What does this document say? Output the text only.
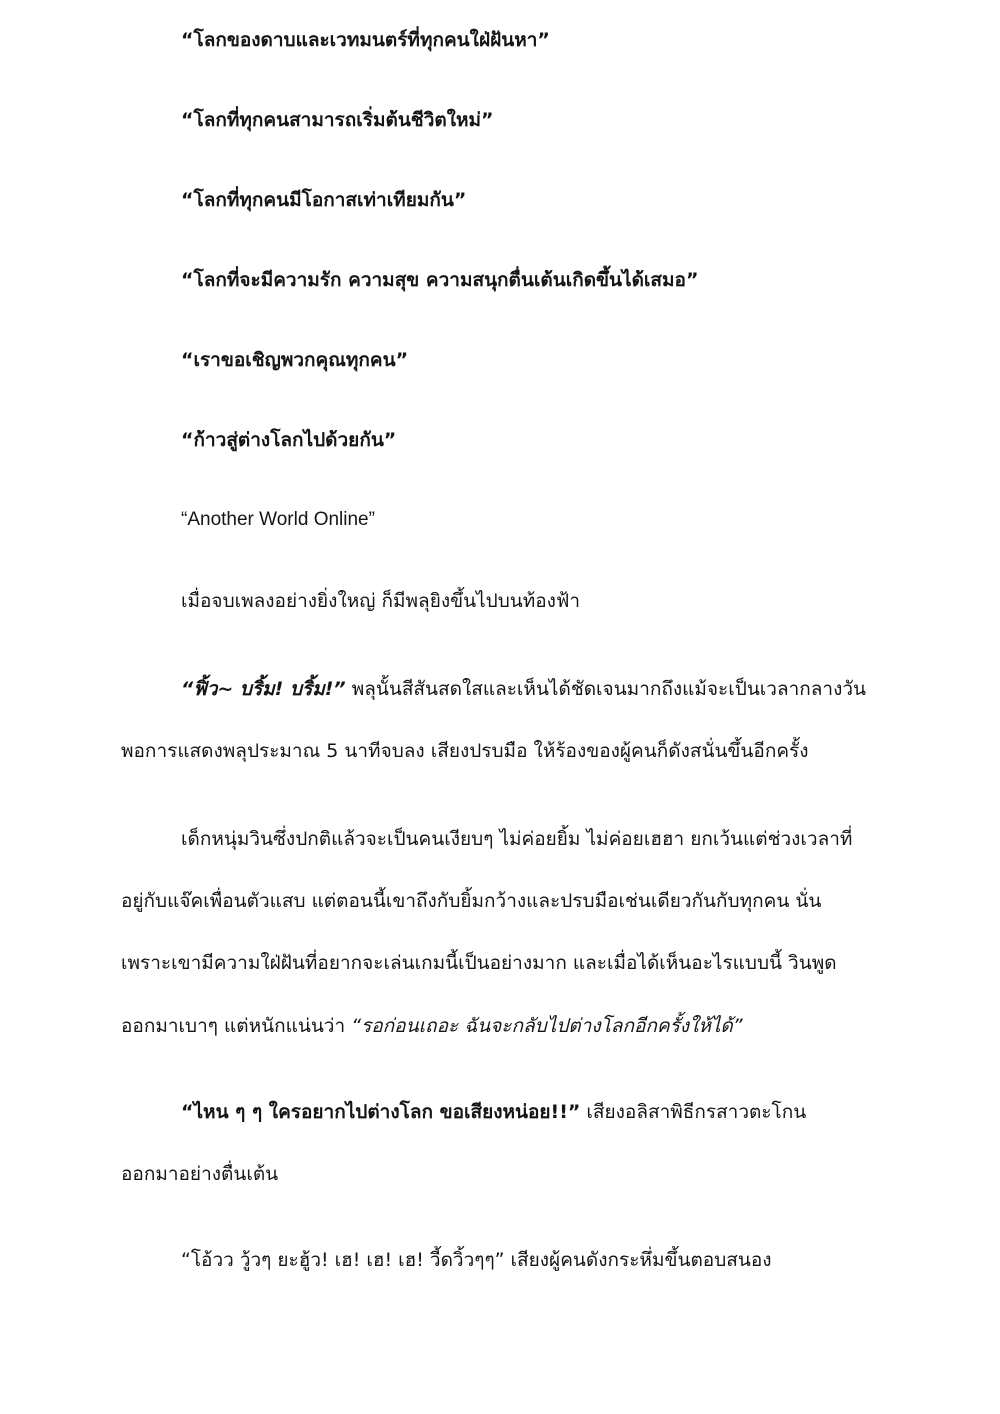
“โลกของดาบและเวทมนตร์ที่ทุกคนใฝ่ฝันหา”
“โลกที่ทุกคนสามารถเริ่มต้นชีวิตใหม่”
“โลกที่ทุกคนมีโอกาสเท่าเทียมกัน”
“โลกที่จะมีความรัก ความสุข ความสนุกตื่นเต้นเกิดขึ้นได้เสมอ”
“เราขอเชิญพวกคุณทุกคน”
“ก้าวสู่ต่างโลกไปด้วยกัน”
“Another World Online”
เมื่อจบเพลงอย่างยิ่งใหญ่ ก็มีพลุยิงขึ้นไปบนท้องฟ้า
“ฟิ้ว~ บริ้ม! บริ้ม!” พลุนั้นสีสันสดใสและเห็นได้ชัดเจนมากถึงแม้จะเป็นเวลากลางวัน
พอการแสดงพลุประมาณ 5 นาทีจบลง เสียงปรบมือ ให้ร้องของผู้คนก็ดังสนั่นขึ้นอีกครั้ง
เด็กหนุ่มวินซึ่งปกติแล้วจะเป็นคนเงียบๆ ไม่ค่อยยิ้ม ไม่ค่อยเฮฮา ยกเว้นแต่ช่วงเวลาที่
อยู่กับแจ๊คเพื่อนตัวแสบ แต่ตอนนี้เขาถึงกับยิ้มกว้างและปรบมือเช่นเดียวกันกับทุกคน นั่น
เพราะเขามีความใฝ่ฝันที่อยากจะเล่นเกมนี้เป็นอย่างมาก และเมื่อได้เห็นอะไรแบบนี้ วินพูด
ออกมาเบาๆ แต่หนักแน่นว่า “รอก่อนเถอะ ฉันจะกลับไปต่างโลกอีกครั้งให้ได้”
“ไหน ๆ ๆ ใครอยากไปต่างโลก ขอเสียงหน่อย!!” เสียงอลิสาพิธีกรสาวตะโกน
ออกมาอย่างตื่นเต้น
“โอ้วว วู้วๆ ยะฮู้ว! เฮ! เฮ! เฮ! วี้ดวิ้วๆๆ” เสียงผู้คนดังกระหึ่มขึ้นตอบสนอง
